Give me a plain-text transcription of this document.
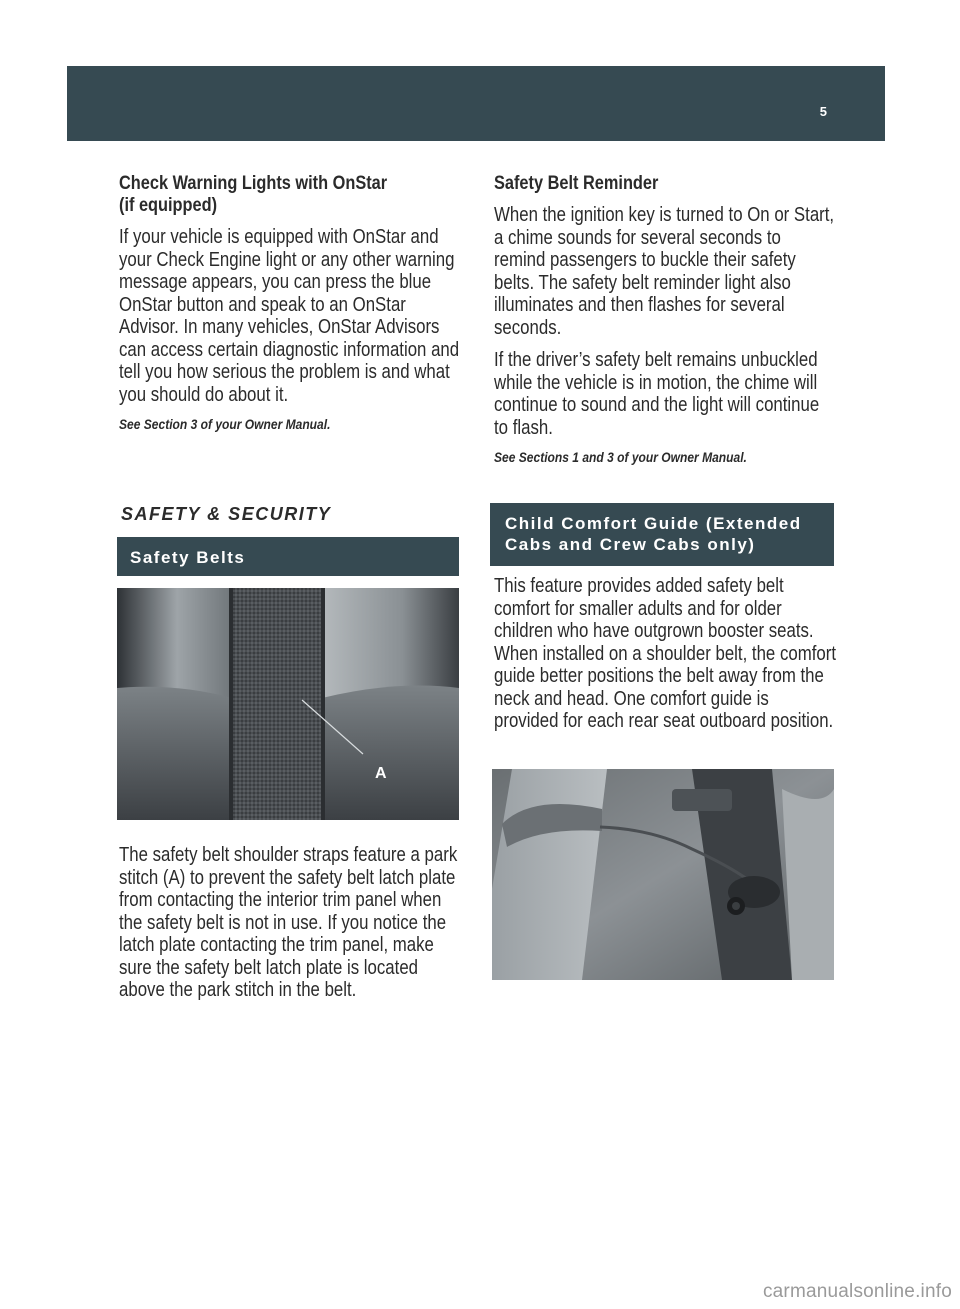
5
Check Warning Lights with OnStar
(if equipped)

If your vehicle is equipped with OnStar and your Check Engine light or any other warning message appears, you can press the blue OnStar button and speak to an OnStar Advisor. In many vehicles, OnStar Advisors can access certain diagnostic information and tell you how serious the problem is and what you should do about it.

See Section 3 of your Owner Manual.

Safety Belt Reminder

When the ignition key is turned to On or Start, a chime sounds for several seconds to remind passengers to buckle their safety belts. The safety belt reminder light also illuminates and then flashes for several seconds.

If the driver’s safety belt remains unbuckled while the vehicle is in motion, the chime will continue to sound and the light will continue to flash.

See Sections 1 and 3 of your Owner Manual.

SAFETY & SECURITY
Safety Belts
A

The safety belt shoulder straps feature a park stitch (A) to prevent the safety belt latch plate from contacting the interior trim panel when the safety belt is not in use. If you notice the latch plate contacting the trim panel, make sure the safety belt latch plate is located above the park stitch in the belt.

Child Comfort Guide (Extended
Cabs and Crew Cabs only)

This feature provides added safety belt comfort for smaller adults and for older children who have outgrown booster seats. When installed on a shoulder belt, the comfort guide better positions the belt away from the neck and head. One comfort guide is provided for each rear seat outboard position.

carmanualsonline.info
